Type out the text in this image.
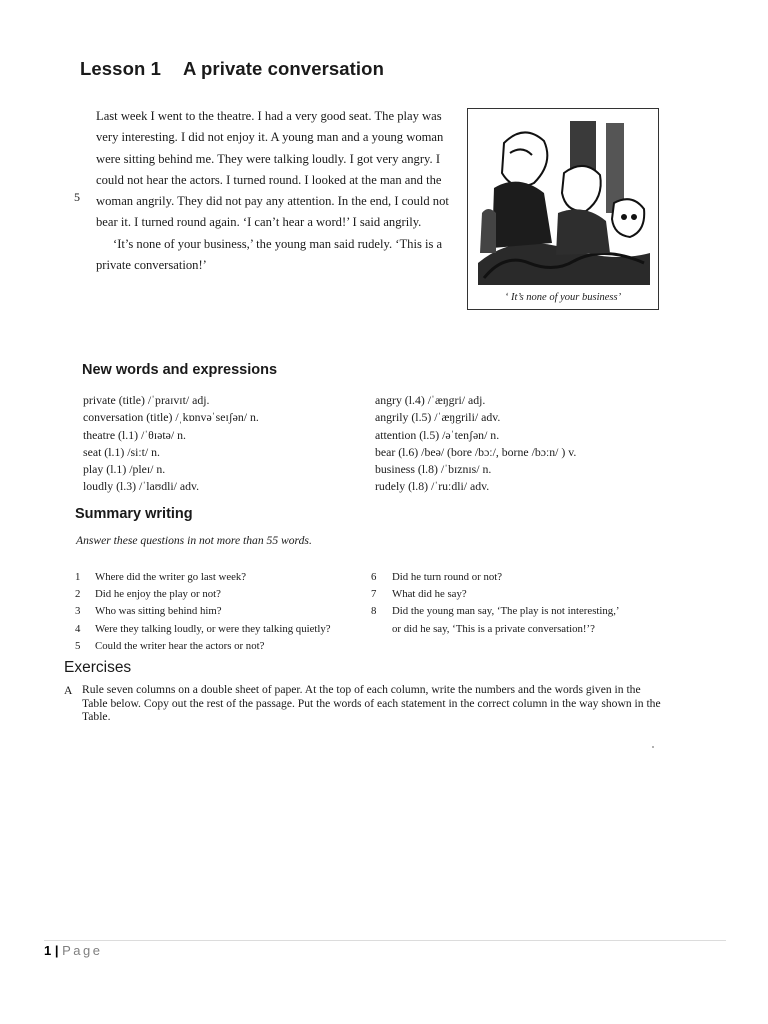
Lesson 1 A private conversation

Last week I went to the theatre. I had a very good seat. The play was very interesting. I did not enjoy it. A young man and a young woman were sitting behind me. They were talking loudly. I got very angry. I could not hear the actors. I turned round. I looked at the man and the woman angrily. They did not pay any attention. In the end, I could not bear it. I turned round again. ‘I can’t hear a word!’ I said angrily.

‘It’s none of your business,’ the young man said rudely. ‘This is a private conversation!’

5
‘ It’s none of your business’
New words and expressions
private (title) /ˈpraɪvɪt/ adj.
conversation (title) /ˌkɒnvəˈseɪʃən/ n.
theatre (l.1) /ˈθɪətə/ n.
seat (l.1) /siːt/ n.
play (l.1) /pleɪ/ n.
loudly (l.3) /ˈlaʊdli/ adv.
angry (l.4) /ˈæŋgri/ adj.
angrily (l.5) /ˈæŋgrili/ adv.
attention (l.5) /əˈtenʃən/ n.
bear (l.6) /beə/ (bore /bɔː/, borne /bɔːn/ ) v.
business (l.8) /ˈbɪznɪs/ n.
rudely (l.8) /ˈruːdli/ adv.
Summary writing
Answer these questions in not more than 55 words.
1 Where did the writer go last week?
2 Did he enjoy the play or not?
3 Who was sitting behind him?
4 Were they talking loudly, or were they talking quietly?
5 Could the writer hear the actors or not?
6 Did he turn round or not?
7 What did he say?
8 Did the young man say, ‘The play is not interesting,’
or did he say, ‘This is a private conversation!’?
Exercises
A Rule seven columns on a double sheet of paper. At the top of each column, write the numbers and the words given in the Table below. Copy out the rest of the passage. Put the words of each statement in the correct column in the way shown in the Table.
1 | Page
